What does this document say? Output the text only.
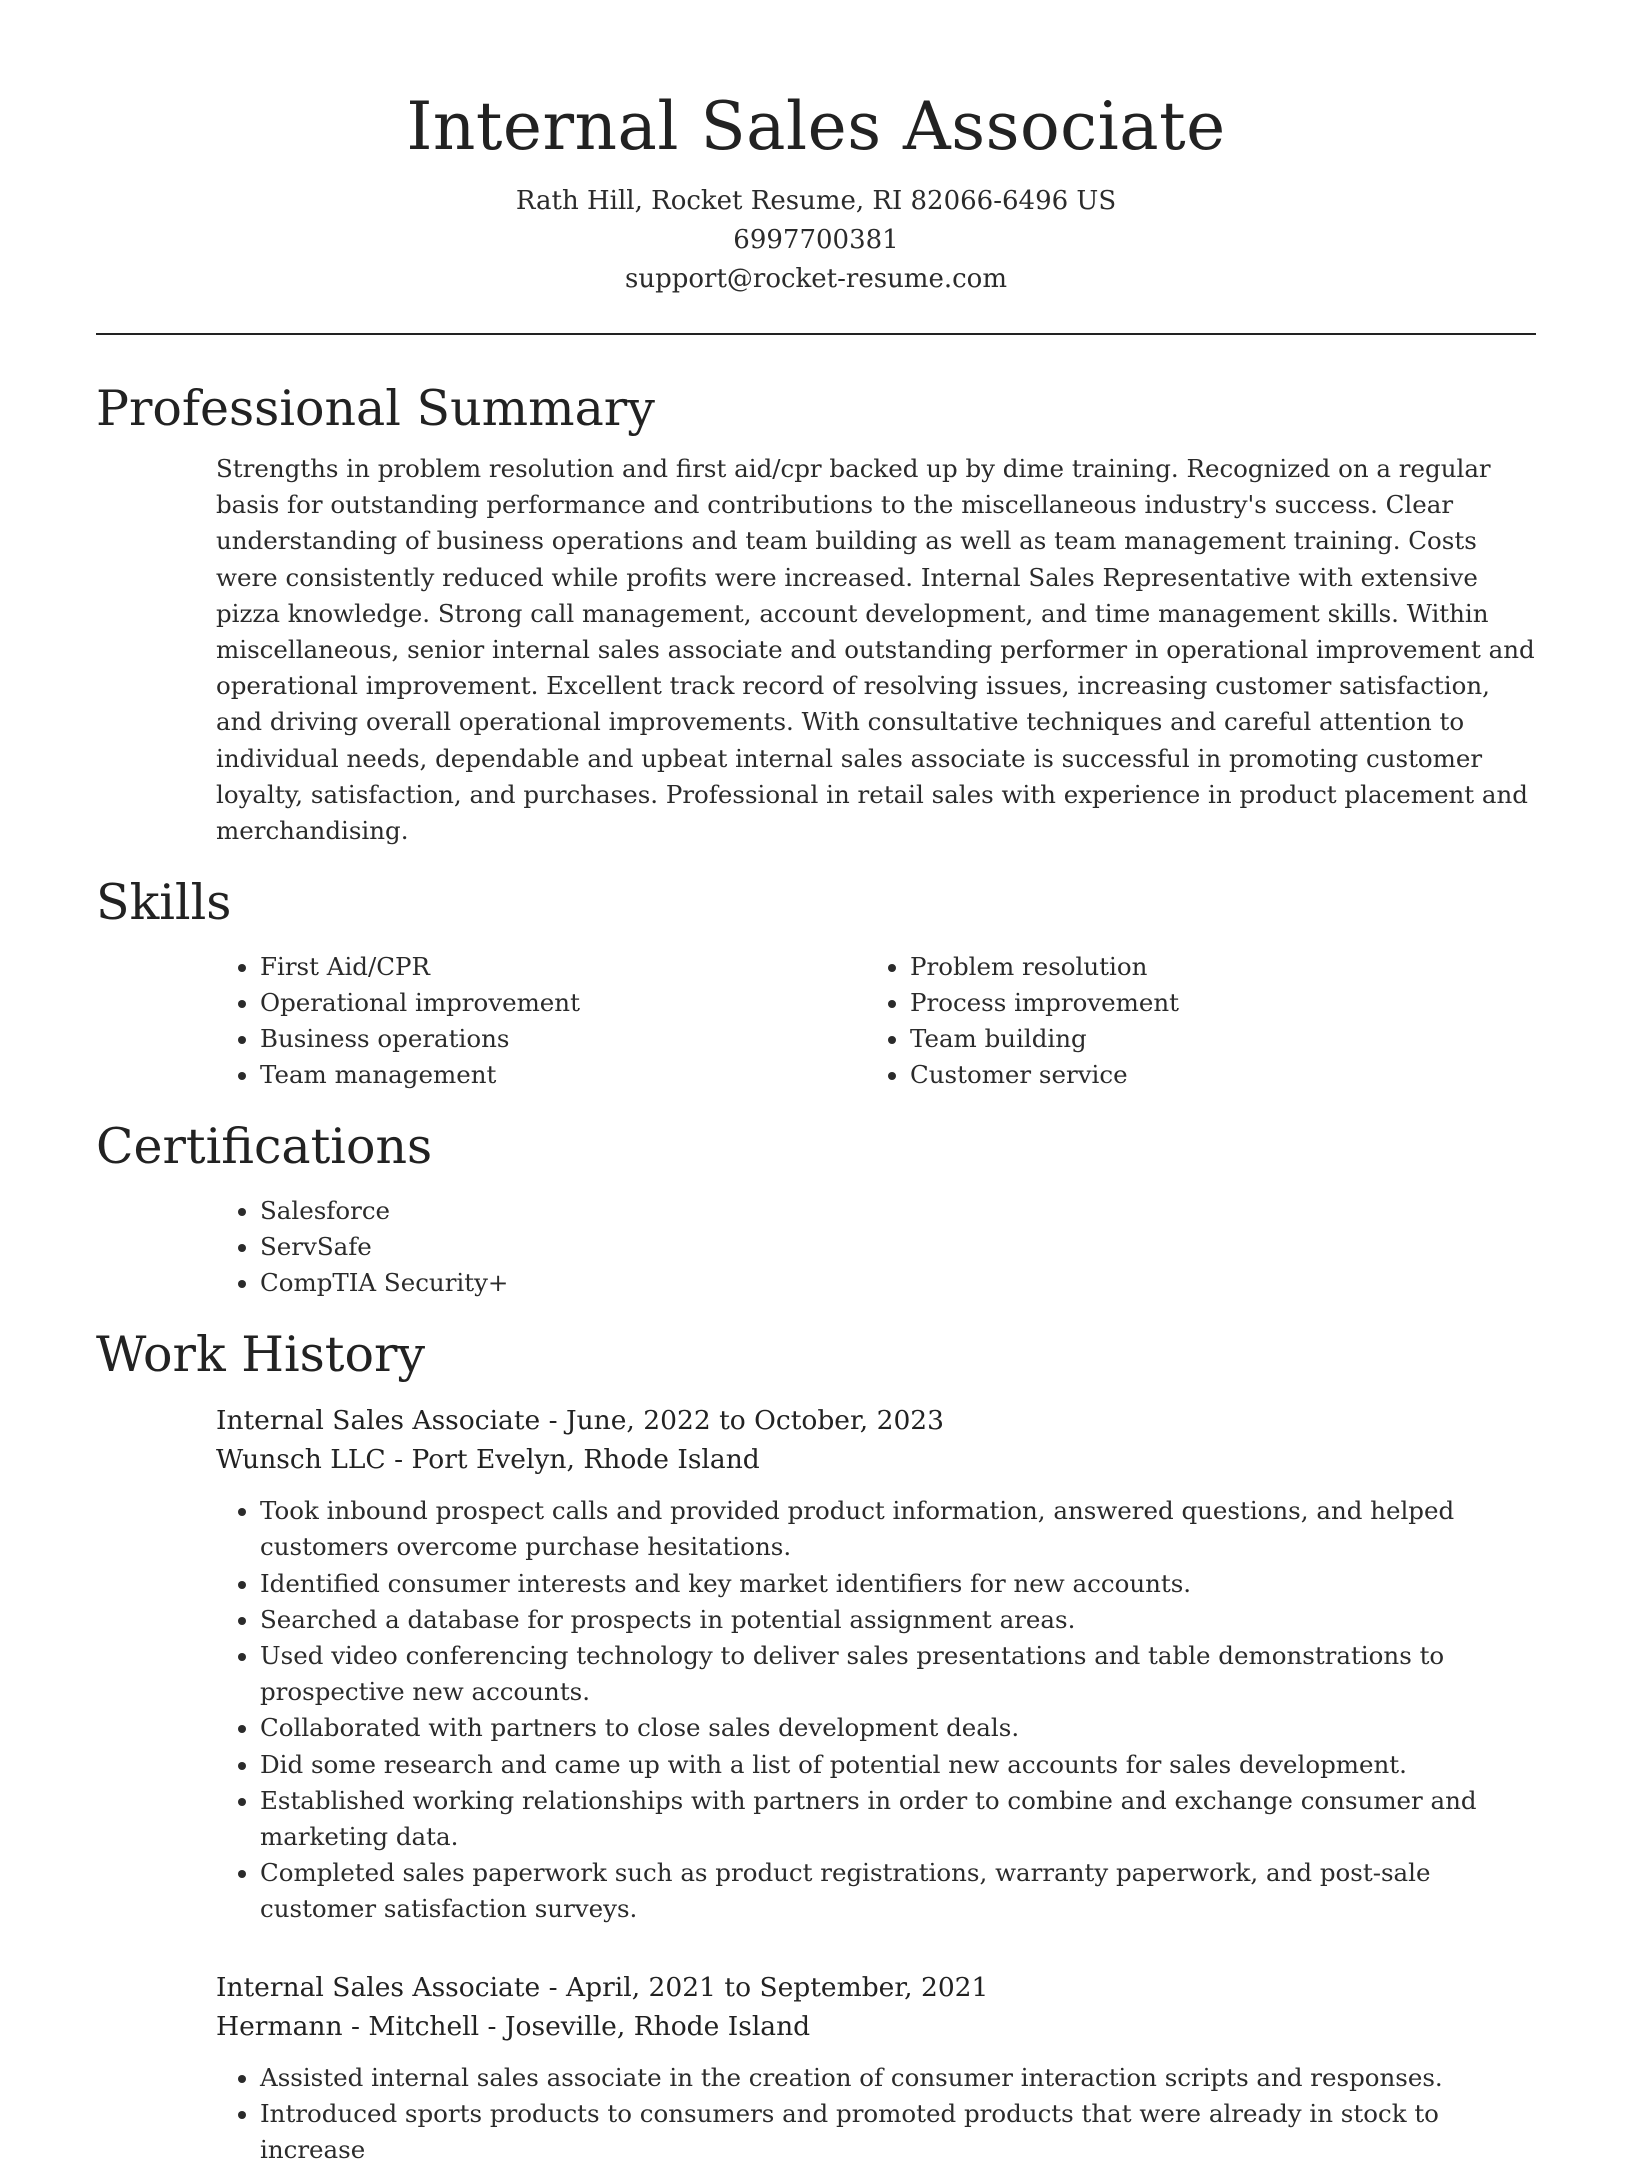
Internal Sales Associate
Rath Hill, Rocket Resume, RI 82066-6496 US
6997700381
support@rocket-resume.com
Professional Summary

Strengths in problem resolution and first aid/cpr backed up by dime training. Recognized on a regular basis for outstanding performance and contributions to the miscellaneous industry's success. Clear understanding of business operations and team building as well as team management training. Costs were consistently reduced while profits were increased. Internal Sales Representative with extensive pizza knowledge. Strong call management, account development, and time management skills. Within miscellaneous, senior internal sales associate and outstanding performer in operational improvement and operational improvement. Excellent track record of resolving issues, increasing customer satisfaction, and driving overall operational improvements. With consultative techniques and careful attention to individual needs, dependable and upbeat internal sales associate is successful in promoting customer loyalty, satisfaction, and purchases. Professional in retail sales with experience in product placement and merchandising.

Skills
• First Aid/CPR
• Operational improvement
• Business operations
• Team management
• Problem resolution
• Process improvement
• Team building
• Customer service
Certifications
• Salesforce
• ServSafe
• CompTIA Security+
Work History
Internal Sales Associate - June, 2022 to October, 2023
Wunsch LLC - Port Evelyn, Rhode Island
• Took inbound prospect calls and provided product information, answered questions, and helped customers overcome purchase hesitations.
• Identified consumer interests and key market identifiers for new accounts.
• Searched a database for prospects in potential assignment areas.
• Used video conferencing technology to deliver sales presentations and table demonstrations to prospective new accounts.
• Collaborated with partners to close sales development deals.
• Did some research and came up with a list of potential new accounts for sales development.
• Established working relationships with partners in order to combine and exchange consumer and marketing data.
• Completed sales paperwork such as product registrations, warranty paperwork, and post-sale customer satisfaction surveys.
Internal Sales Associate - April, 2021 to September, 2021
Hermann - Mitchell - Joseville, Rhode Island
• Assisted internal sales associate in the creation of consumer interaction scripts and responses.
• Introduced sports products to consumers and promoted products that were already in stock to increase
